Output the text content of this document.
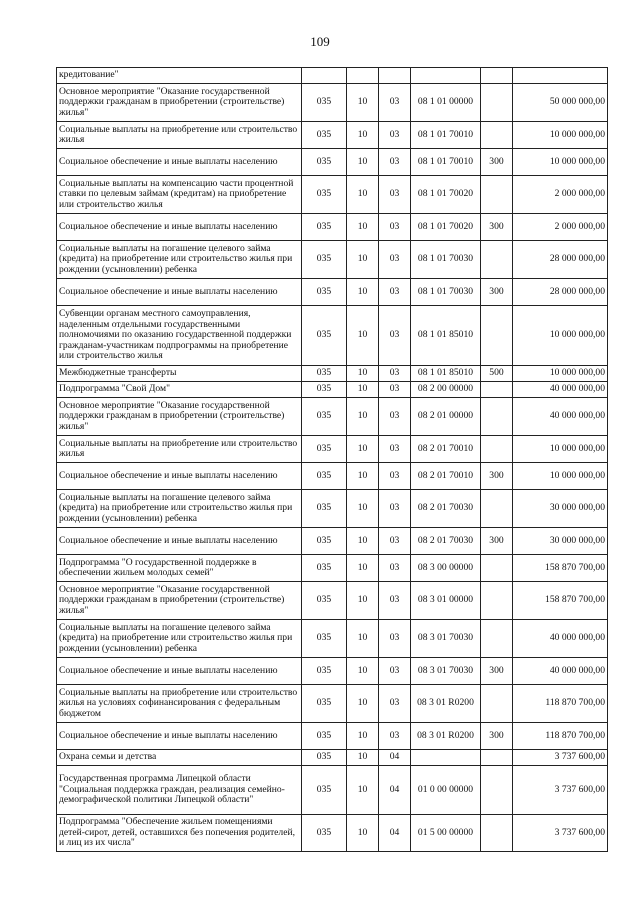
109
кредитование"						
Основное мероприятие "Оказание государственной поддержки гражданам в приобретении (строительстве) жилья"	035	10	03	08 1 01 00000		50 000 000,00
Социальные выплаты на приобретение или строительство жилья	035	10	03	08 1 01 70010		10 000 000,00
Социальное обеспечение и иные выплаты населению	035	10	03	08 1 01 70010	300	10 000 000,00
Социальные выплаты на компенсацию части процентной ставки по целевым займам (кредитам) на приобретение или строительство жилья	035	10	03	08 1 01 70020		2 000 000,00
Социальное обеспечение и иные выплаты населению	035	10	03	08 1 01 70020	300	2 000 000,00
Социальные выплаты на погашение целевого займа (кредита) на приобретение или строительство жилья при рождении (усыновлении) ребенка	035	10	03	08 1 01 70030		28 000 000,00
Социальное обеспечение и иные выплаты населению	035	10	03	08 1 01 70030	300	28 000 000,00
Субвенции органам местного самоуправления, наделенным отдельными государственными полномочиями по оказанию государственной поддержки гражданам-участникам подпрограммы на приобретение или строительство жилья	035	10	03	08 1 01 85010		10 000 000,00
Межбюджетные трансферты	035	10	03	08 1 01 85010	500	10 000 000,00
Подпрограмма "Свой Дом"	035	10	03	08 2 00 00000		40 000 000,00
Основное мероприятие "Оказание государственной поддержки гражданам в приобретении (строительстве) жилья"	035	10	03	08 2 01 00000		40 000 000,00
Социальные выплаты на приобретение или строительство жилья	035	10	03	08 2 01 70010		10 000 000,00
Социальное обеспечение и иные выплаты населению	035	10	03	08 2 01 70010	300	10 000 000,00
Социальные выплаты на погашение целевого займа (кредита) на приобретение или строительство жилья при рождении (усыновлении) ребенка	035	10	03	08 2 01 70030		30 000 000,00
Социальное обеспечение и иные выплаты населению	035	10	03	08 2 01 70030	300	30 000 000,00
Подпрограмма "О государственной поддержке в обеспечении жильем молодых семей"	035	10	03	08 3 00 00000		158 870 700,00
Основное мероприятие "Оказание государственной поддержки гражданам в приобретении (строительстве) жилья"	035	10	03	08 3 01 00000		158 870 700,00
Социальные выплаты на погашение целевого займа (кредита) на приобретение или строительство жилья при рождении (усыновлении) ребенка	035	10	03	08 3 01 70030		40 000 000,00
Социальное обеспечение и иные выплаты населению	035	10	03	08 3 01 70030	300	40 000 000,00
Социальные выплаты на приобретение или строительство жилья на условиях софинансирования с федеральным бюджетом	035	10	03	08 3 01 R0200		118 870 700,00
Социальное обеспечение и иные выплаты населению	035	10	03	08 3 01 R0200	300	118 870 700,00
Охрана семьи и детства	035	10	04			3 737 600,00
Государственная программа Липецкой области "Социальная поддержка граждан, реализация семейно-демографической политики Липецкой области"	035	10	04	01 0 00 00000		3 737 600,00
Подпрограмма "Обеспечение жильем помещениями детей-сирот, детей, оставшихся без попечения родителей, и лиц из их числа"	035	10	04	01 5 00 00000		3 737 600,00
